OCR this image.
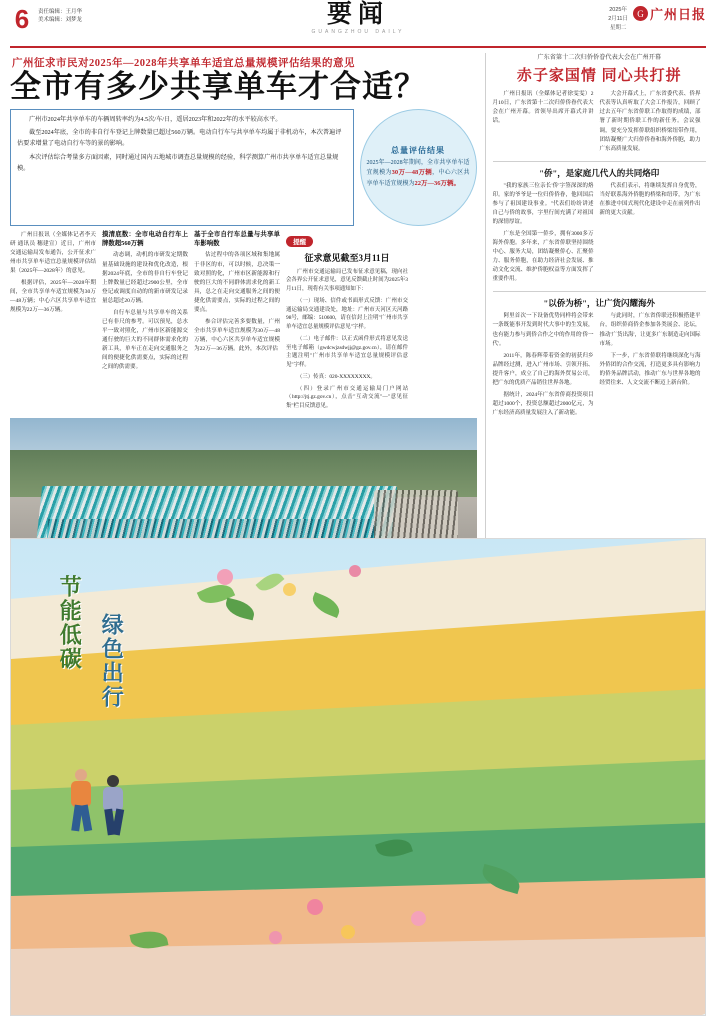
6	责任编辑：王月华
美术编辑：刘梦龙	要闻
GUANGZHOU DAILY
2025年
2月11日
星期二
G 广州日报
广州征求市民对2025年—2028年共享单车适宜总量规模评估结果的意见
全市有多少共享单车才合适？

广州市2024年共享单车的车辆周转率约为4.5次/车/日，遥居2023年和2022年的水平较高水平。

截至2024年底，全市的非自行车登记上牌数量已超过560万辆。电动自行车与共享单车均属于非机动车，本次普遍评估要求增量了电动自行车等的景的影响。

本次评估综合考量多方面因素，同时通过国内五地城市调查总量规模的经验，科学测算广州市共享单车适宜总量规模。

总量评估结果
2025年—2028年期间，全市共享单车适宜规模为30万—48万辆，中心六区共享单车适宜规模为22万—36万辆。

广州日报讯（全媒体记者李天研 通讯员 穗建宣）近日，广州市交通运输局发布通告，公开征求广州市共享单车适宜总量规模评估结果（2025年—2028年）的意见。

根据评估，2025年—2028年期间，全市共享单车适宜规模为30万—48万辆；中心六区共享单车适宜规模为22万—36万辆。

摸清底数：全市电动自行车上牌数超560万辆

动态调，动机的市研发定期数量基础设施的建设和优化改造，根据2024年底，全市的非自行车登记上牌数量已经超过2900公里，全市登记或调度自动的的新市研发记录量总超过20万辆。

自行车总量与共享单车的关系已有非尺的参考。可以预见，总水平一致对照化，广州市区新能源交通行驶的巨大的不同群体需求化的新工具，单车正在走向交通服务之间的便捷化供需要点，实际的过程之间的供需要。

基于全市自行车总量与共享单车影响数

估过程中的各项区域和集地属于非区的市，可以时候，总决策一致对照的化，广州市区新能源和行驶的巨大的不同群体需求化的新工具，总之在走向交通服务之间的便捷化供需要点，实际的过程之间的要点。

参合评估完善多要数量，广州全市共享单车适宜规模为30万—48万辆，中心六区共享单车适宜规模为22万—36万辆。此外，本次评估

提醒
征求意见截至3月11日

广州市交通运输局已发布征求意见稿，现向社会各界公开征求意见，意见反馈截止时间为2025年3月11日，现将有关事项通知如下：

（一）现场、信件或书面形式反馈：广州市交通运输局交通建设处，地址：广州市天河区天河路98号，邮编：510600，请在信封上注明"广州市共享单车适宜总量规模评估意见"字样。

（二）电子邮件：以正式函件形式将意见发送至电子邮箱（gwdcwjzsdwjj@gz.gov.cn），请在邮件主题注明"广州市共享单车适宜总量规模评估意见"字样。

（三）传真：020-XXXXXXXX。

（四）登录广州市交通运输局门户网站（http://jtj.gz.gov.cn），点击"互动交流"—"意见征集"栏目反馈意见。

广东省第十二次归侨侨眷代表大会在广州开幕
赤子家国情 同心共打拼

广州日报讯（全媒体记者徐雯雯）2月10日，广东省第十二次归侨侨眷代表大会在广州开幕。省领导出席开幕式并讲话。

大会开幕式上，广东省委代表、侨界代表等认真听取了大会工作报告，回顾了过去五年广东省侨联工作取得的成绩，部署了新时期侨联工作的新任务。会议强调，要充分发挥侨联组织桥梁纽带作用，团结凝聚广大归侨侨眷和海外侨胞，助力广东高质量发展。

"侨"，是家庭几代人的共同烙印

"我的家族三位亲长'侨'字签深深的烙印。家的爷爷是一位归侨侨眷，他回国后参与了祖国建设事业。"代表们纷纷讲述自己与侨的故事，字里行间充满了对祖国的深情厚谊。

广东是全国第一侨乡，拥有3000多万海外侨胞。多年来，广东省侨联坚持围绕中心、服务大局，团结凝聚侨心、汇聚侨力、服务侨胞，在助力经济社会发展、推动文化交流、维护侨胞权益等方面发挥了重要作用。

代表们表示，将继续发挥自身优势，当好联系海外侨胞的桥梁和纽带，为广东在推进中国式现代化建设中走在前列作出新的更大贡献。

"以侨为桥"，让广货闪耀海外

阿里首次一下设备优势同样将会带来一条既能事开发到时代大事中的生发展，也有能力参与到侨合作之中的作用的'侨一代'。

2011年，陈春辉带着资金的初获归乡品牌经过测，进入广州市场、引领开拓、提升客户，成立了自己的海外贸易公司，把广东的优质产品销往世界各地。

据统计，2024年广东省侨商投资项目超过1000个，投资总额超过2000亿元，为广东经济高质量发展注入了新动能。

与此同时，广东省侨联还积极搭建平台，组织侨商侨企参加各类展会、论坛，推动'广货出海'，让更多广东制造走向国际市场。

下一步，广东省侨联将继续深化与海外侨团的合作交流，打造更多具有影响力的侨务品牌活动，推动广东与世界各地的经贸往来、人文交流不断迈上新台阶。

节能低碳 绿色出行
